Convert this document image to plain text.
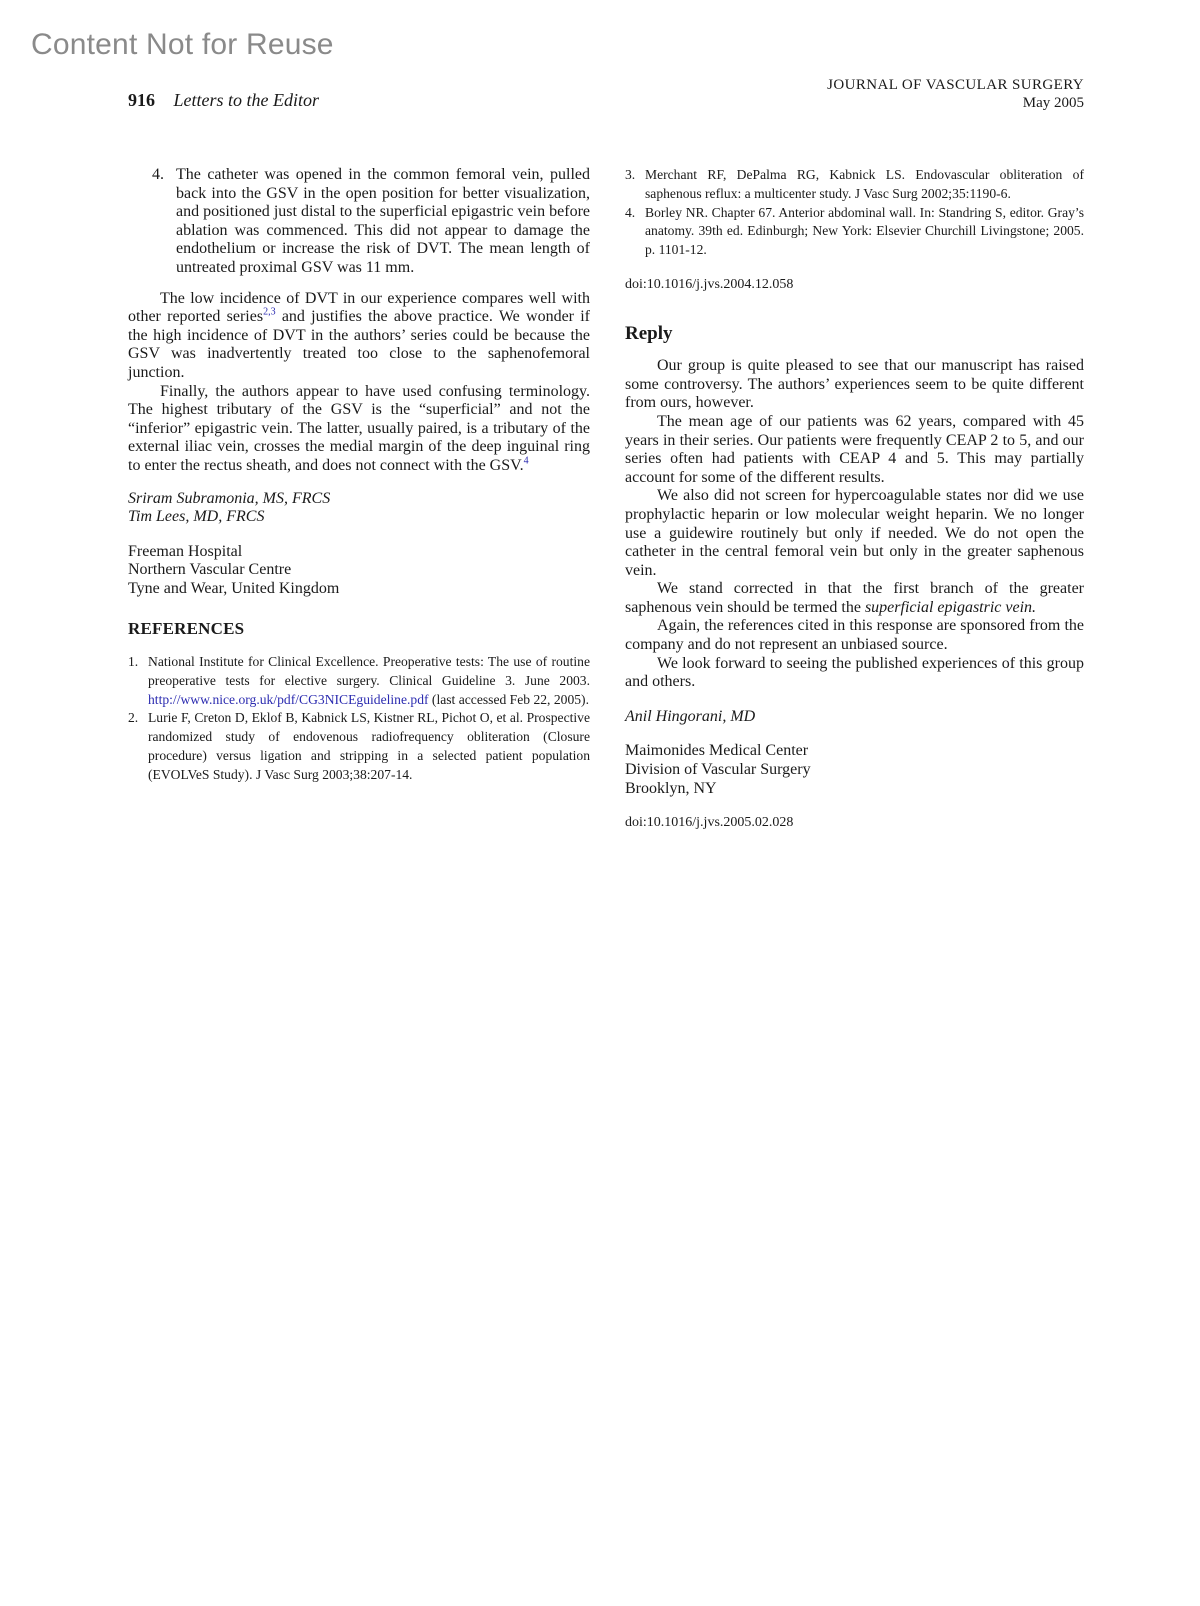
Content Not for Reuse
916 Letters to the Editor
JOURNAL OF VASCULAR SURGERY
May 2005
4. The catheter was opened in the common femoral vein, pulled back into the GSV in the open position for better visualization, and positioned just distal to the superficial epigastric vein before ablation was commenced. This did not appear to damage the endothelium or increase the risk of DVT. The mean length of untreated proximal GSV was 11 mm.

The low incidence of DVT in our experience compares well with other reported series$^{2,3}$ and justifies the above practice. We wonder if the high incidence of DVT in the authors’ series could be because the GSV was inadvertently treated too close to the saphenofemoral junction.

Finally, the authors appear to have used confusing terminology. The highest tributary of the GSV is the “superficial” and not the “inferior” epigastric vein. The latter, usually paired, is a tributary of the external iliac vein, crosses the medial margin of the deep inguinal ring to enter the rectus sheath, and does not connect with the GSV.$^4$

Sriram Subramonia, MS, FRCS
Tim Lees, MD, FRCS
Freeman Hospital
Northern Vascular Centre
Tyne and Wear, United Kingdom
REFERENCES
1. National Institute for Clinical Excellence. Preoperative tests: The use of routine preoperative tests for elective surgery. Clinical Guideline 3. June 2003. http://www.nice.org.uk/pdf/CG3NICEguideline.pdf (last accessed Feb 22, 2005).
2. Lurie F, Creton D, Eklof B, Kabnick LS, Kistner RL, Pichot O, et al. Prospective randomized study of endovenous radiofrequency obliteration (Closure procedure) versus ligation and stripping in a selected patient population (EVOLVeS Study). J Vasc Surg 2003;38:207-14.
3. Merchant RF, DePalma RG, Kabnick LS. Endovascular obliteration of saphenous reflux: a multicenter study. J Vasc Surg 2002;35:1190-6.
4. Borley NR. Chapter 67. Anterior abdominal wall. In: Standring S, editor. Gray’s anatomy. 39th ed. Edinburgh; New York: Elsevier Churchill Livingstone; 2005. p. 1101-12.
doi:10.1016/j.jvs.2004.12.058
Reply

Our group is quite pleased to see that our manuscript has raised some controversy. The authors’ experiences seem to be quite different from ours, however.

The mean age of our patients was 62 years, compared with 45 years in their series. Our patients were frequently CEAP 2 to 5, and our series often had patients with CEAP 4 and 5. This may partially account for some of the different results.

We also did not screen for hypercoagulable states nor did we use prophylactic heparin or low molecular weight heparin. We no longer use a guidewire routinely but only if needed. We do not open the catheter in the central femoral vein but only in the greater saphenous vein.

We stand corrected in that the first branch of the greater saphenous vein should be termed the superficial epigastric vein.

Again, the references cited in this response are sponsored from the company and do not represent an unbiased source.

We look forward to seeing the published experiences of this group and others.

Anil Hingorani, MD
Maimonides Medical Center
Division of Vascular Surgery
Brooklyn, NY
doi:10.1016/j.jvs.2005.02.028
